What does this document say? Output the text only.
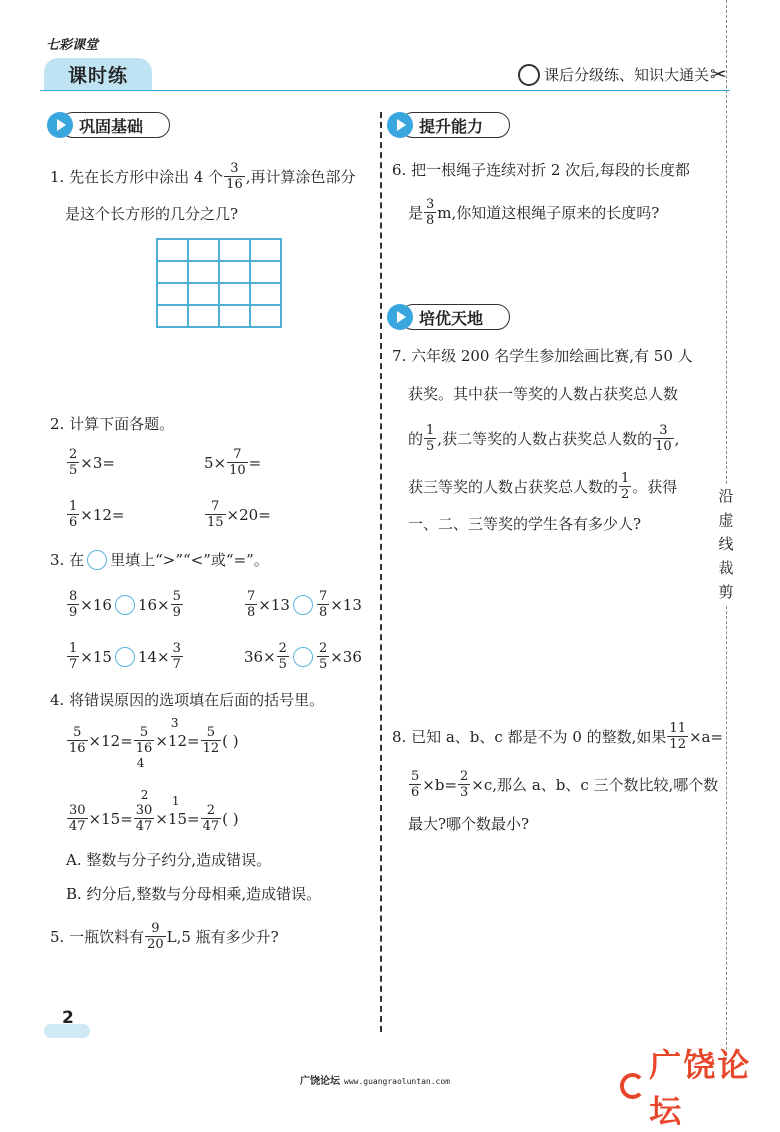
七彩课堂
课时练	课后分级练、知识大通关 ✂
巩固基础	提升能力
培优天地
1. 先在长方形中涂出 4 个 $\frac{3}{16}$ ,再计算涂色部分
是这个长方形的几分之几?
2. 计算下面各题。
$\frac{2}{5} \times 3=$	$5\times \frac{7}{10}$ =
$\frac{1}{6} \times 12=$	$\frac{7}{15} \times 20=$
3. 在 里填上“>”“<”或“=”。
$\frac{8}{9} \times 16$ $16\times \frac{5}{9}$	$\frac{7}{8} \times 13 \frac{7}{8} \times 13$
$\frac{1}{7} \times 15$ $14\times \frac{3}{7}$	$36\times \frac{2}{5} \frac{2}{5} \times 36$
4. 将错误原因的选项填在后面的括号里。
$\frac{5}{16} \times 12= \frac{5}{16}$
4
× 12
3
= $\frac{5}{12}$ ( )
$\frac{30}{47} \times 15=$
2
$\frac{30}{47}$ ×
1
$15 = \frac{2}{47}$ ( )
A. 整数与分子约分,造成错误。
B. 约分后,整数与分母相乘,造成错误。
5. 一瓶饮料有 $\frac{9}{20} L,5$ 瓶有多少升?
6. 把一根绳子连续对折 2 次后,每段的长度都
是 $\frac{3}{8} m$,你知道这根绳子原来的长度吗?
7. 六年级 200 名学生参加绘画比赛,有 50 人
获奖。其中获一等奖的人数占获奖总人数
的 $\frac{1}{5}$ ,获二等奖的人数占获奖总人数的 $\frac{3}{10}$ ,
获三等奖的人数占获奖总人数的 $\frac{1}{2}$ 。获得
一、二、三等奖的学生各有多少人?
8. 已知 a、b、c 都是不为 0 的整数,如果 $\frac{11}{12} \times a=$
$\frac{5}{6} \times b= \frac{2}{3} \times c$,那么 a、b、c 三个数比较,哪个数
最大?哪个数最小?
沿
虚
线
裁
剪
2
广饶论坛 www.guangraoluntan.com	广饶论坛
